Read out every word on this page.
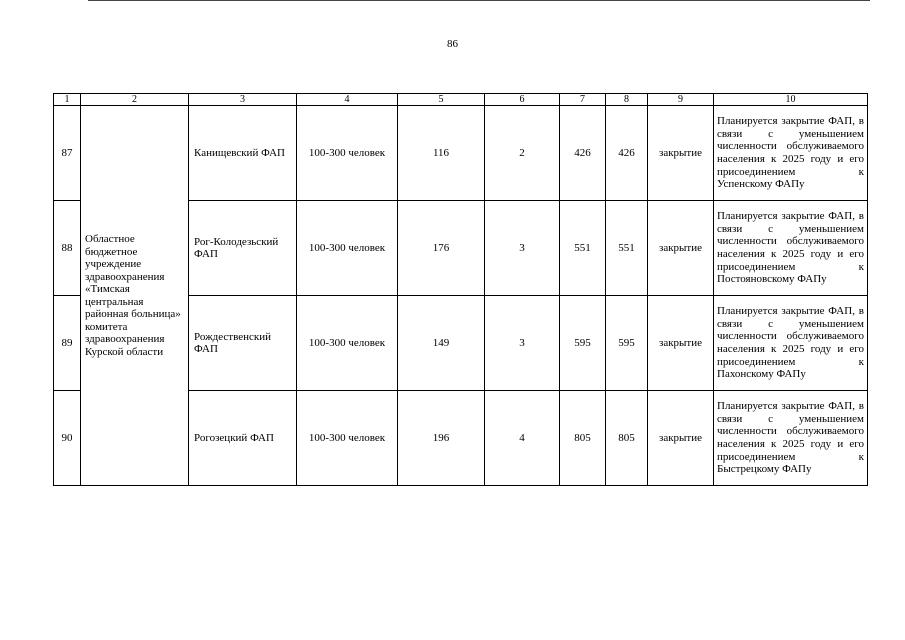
86
1	2	3	4	5	6	7	8	9	10
87	Областное бюджетное учреждение здравоохранения «Тимская центральная районная больница» комитета здравоохранения Курской области	Канищевский ФАП	100-300 человек	116	2	426	426	закрытие	Планируется закрытие ФАП, в связи с уменьшением численности обслуживаемого населения к 2025 году и его присоединением к
Успенскому ФАПу

88		Рог-Колодезьский ФАП	100-300 человек	176	3	551	551	закрытие	Планируется закрытие ФАП, в связи с уменьшением численности обслуживаемого населения к 2025 году и его присоединением к
Постояновскому ФАПу

89		Рождественский ФАП	100-300 человек	149	3	595	595	закрытие	Планируется закрытие ФАП, в связи с уменьшением численности обслуживаемого населения к 2025 году и его присоединением к
Пахонскому ФАПу

90		Рогозецкий ФАП	100-300 человек	196	4	805	805	закрытие	Планируется закрытие ФАП, в связи с уменьшением численности обслуживаемого населения к 2025 году и его присоединением к
Быстрецкому ФАПу
